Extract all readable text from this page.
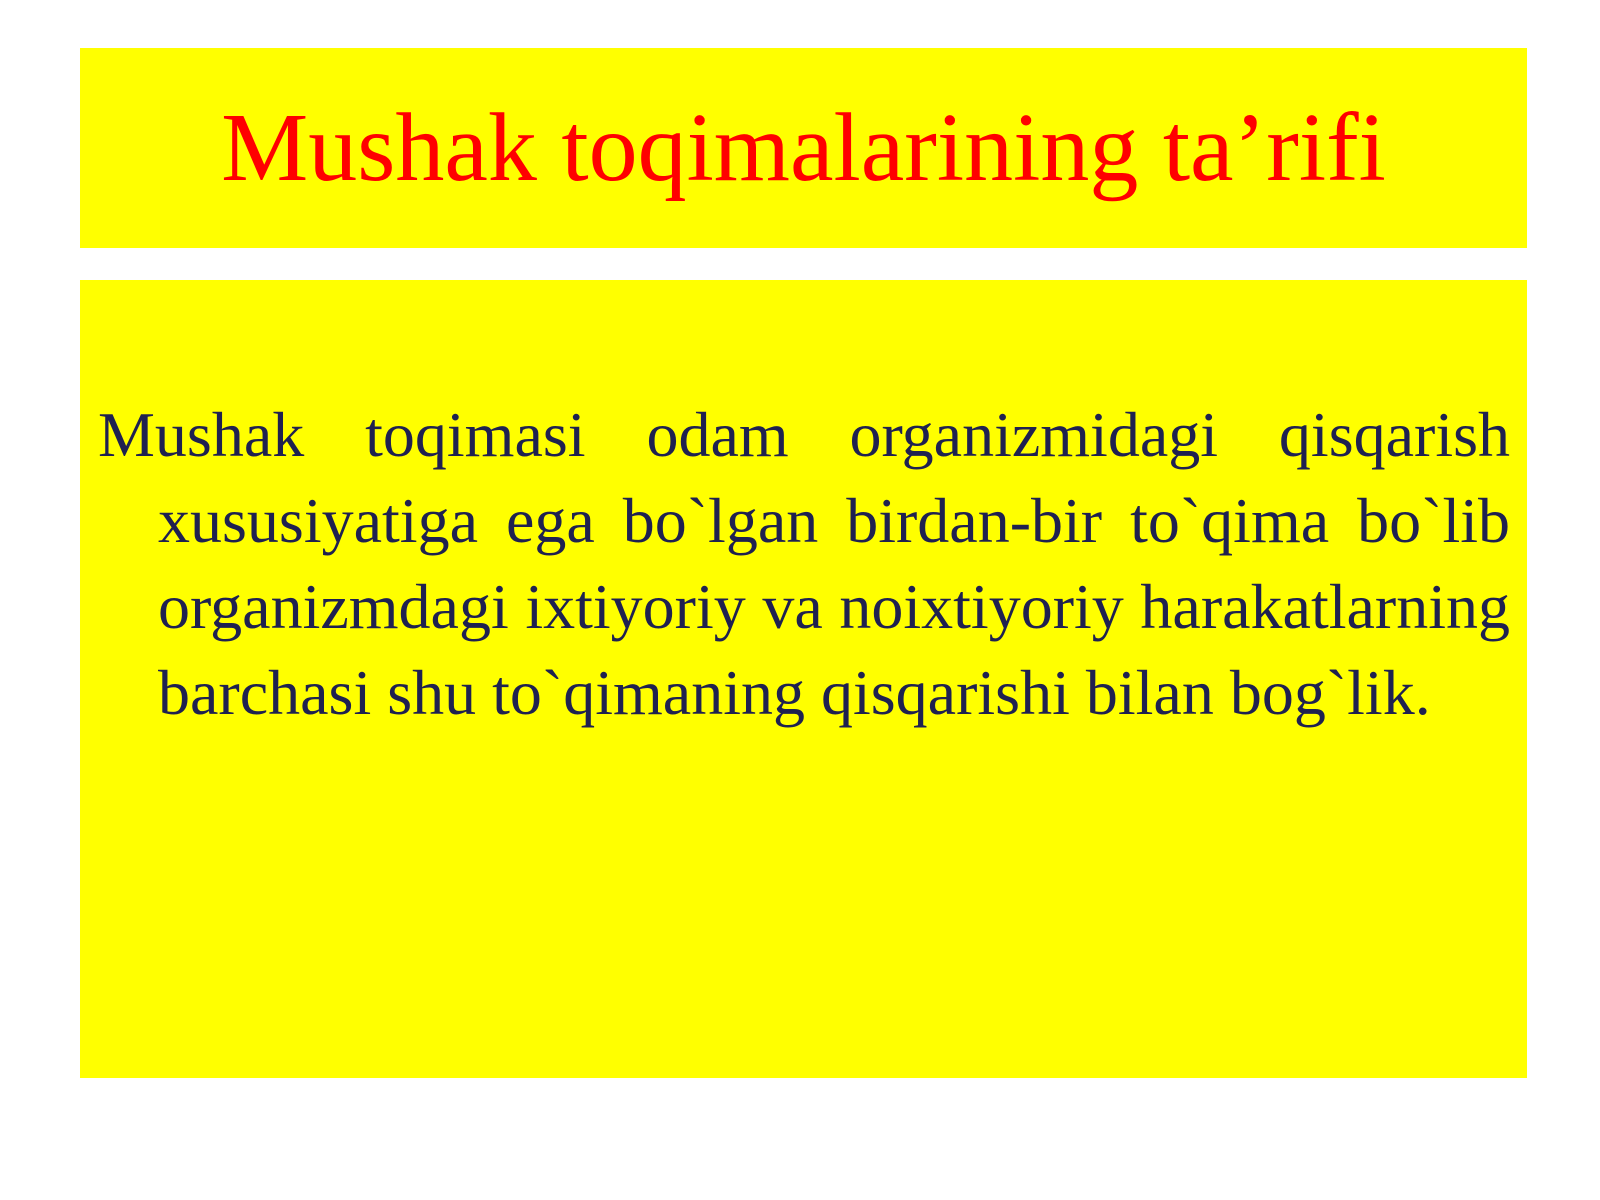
Mushak toqimalarining ta’rifi

Mushak toqimasi odam organizmidagi qisqarish xususiyatiga ega bo`lgan birdan-bir to`qima bo`lib organizmdagi ixtiyoriy va noixtiyoriy harakatlarning barchasi shu to`qimaning qisqarishi bilan bog`lik.
